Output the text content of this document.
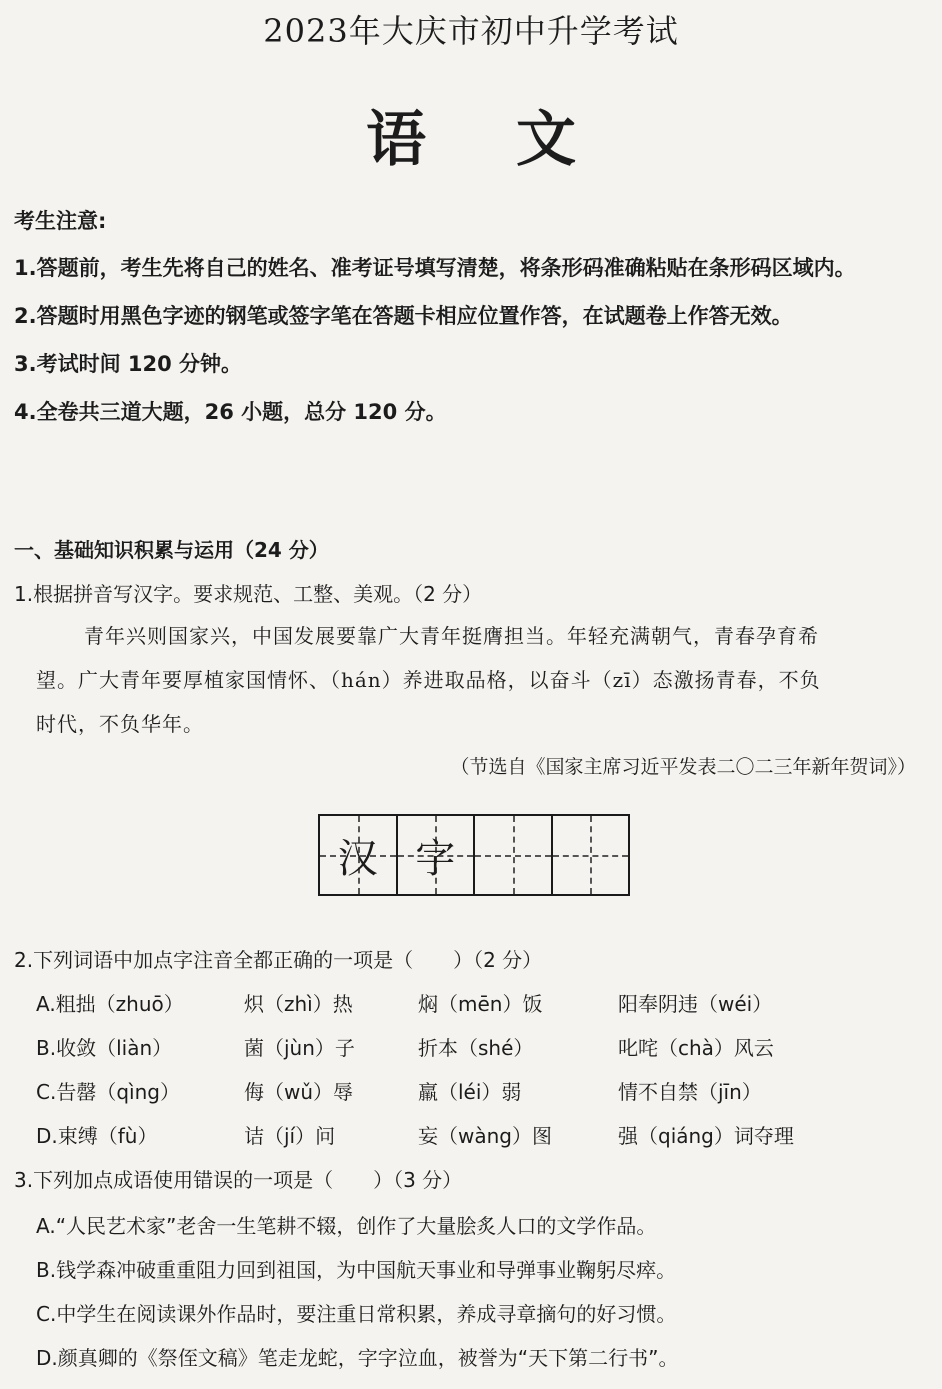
2023年大庆市初中升学考试
语文
考生注意:
1.答题前，考生先将自己的姓名、准考证号填写清楚，将条形码准确粘贴在条形码区域内。
2.答题时用黑色字迹的钢笔或签字笔在答题卡相应位置作答，在试题卷上作答无效。
3.考试时间 120 分钟。
4.全卷共三道大题，26 小题，总分 120 分。
一、基础知识积累与运用（24 分）
1.根据拼音写汉字。要求规范、工整、美观。（2 分）
青年兴则国家兴，中国发展要靠广大青年挺膺担当。年轻充满朝气，青春孕育希
望。广大青年要厚植家国情怀、（hán）养进取品格，以奋斗（zī）态激扬青春，不负
时代，不负华年。
（节选自《国家主席习近平发表二〇二三年新年贺词》）
汉 字
2.下列词语中加点字注音全都正确的一项是（　　）（2 分）
A.粗拙（zhuō）	炽（zhì）热	焖（mēn）饭	阳奉阴违（wéi）
B.收敛（liàn）	菌（jùn）子	折本（shé）	叱咤（chà）风云
C.告罄（qìng）	侮（wǔ）辱	羸（léi）弱	情不自禁（jīn）
D.束缚（fù）	诘（jí）问	妄（wàng）图	强（qiáng）词夺理
3.下列加点成语使用错误的一项是（　　）（3 分）
A.“人民艺术家”老舍一生笔耕不辍，创作了大量脍炙人口的文学作品。
B.钱学森冲破重重阻力回到祖国，为中国航天事业和导弹事业鞠躬尽瘁。
C.中学生在阅读课外作品时，要注重日常积累，养成寻章摘句的好习惯。
D.颜真卿的《祭侄文稿》笔走龙蛇，字字泣血，被誉为“天下第二行书”。
